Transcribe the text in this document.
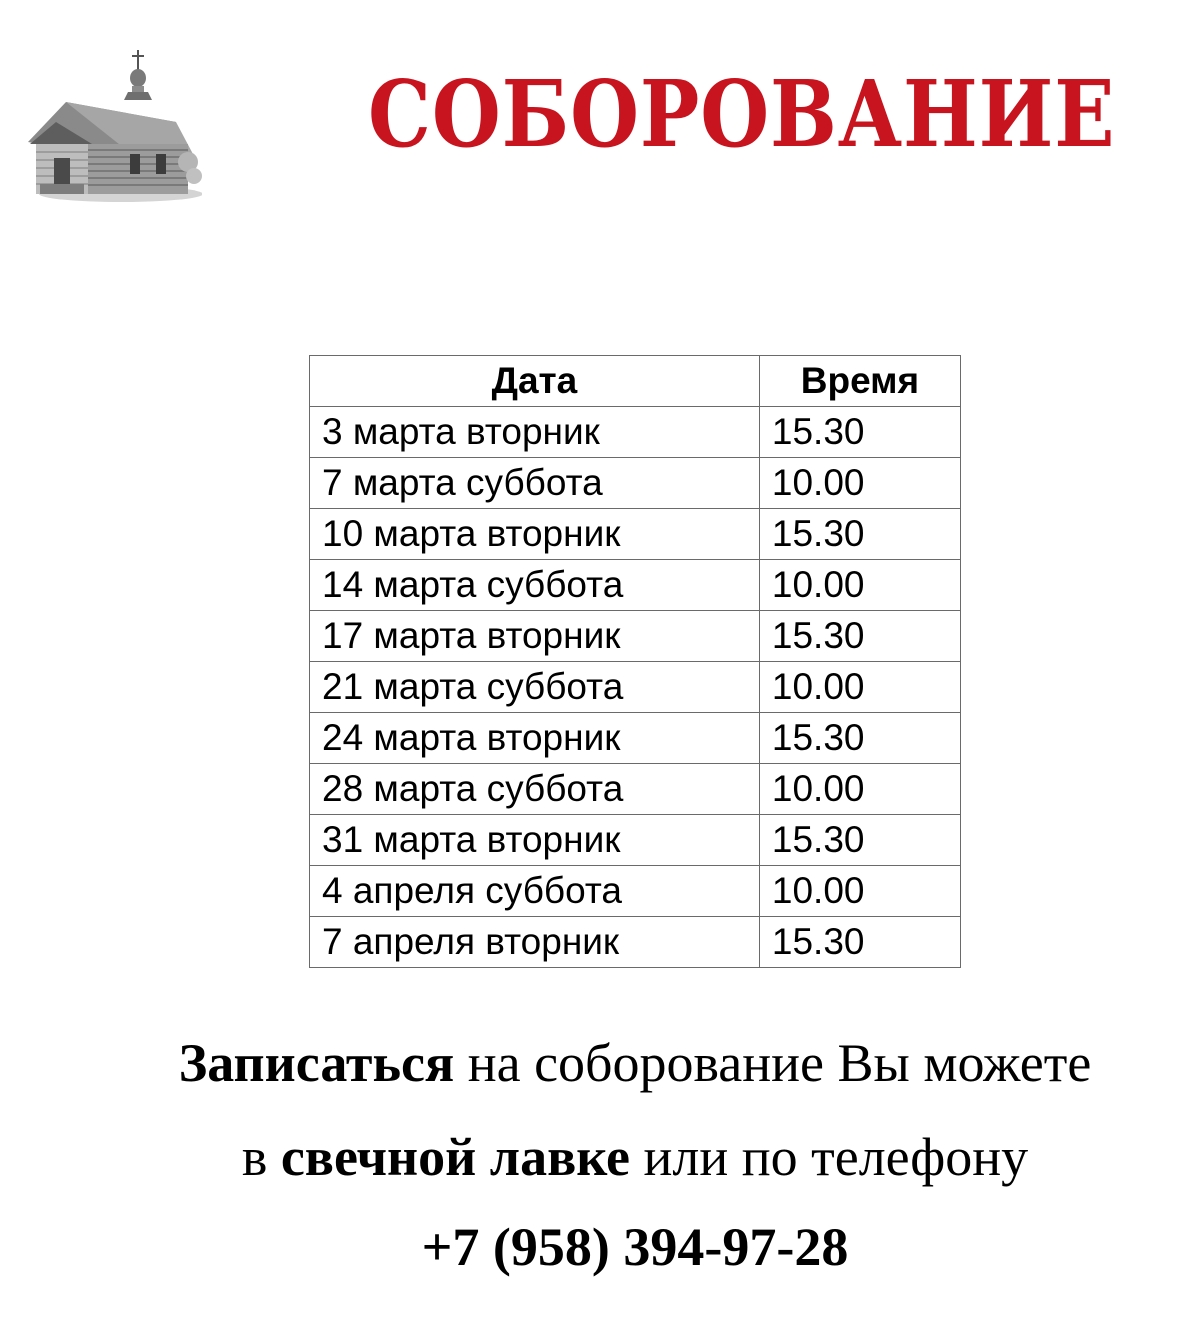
СОБОРОВАНИЕ
Дата	Время
3 марта вторник	15.30
7 марта суббота	10.00
10 марта вторник	15.30
14 марта суббота	10.00
17 марта вторник	15.30
21 марта суббота	10.00
24 марта вторник	15.30
28 марта суббота	10.00
31 марта вторник	15.30
4 апреля суббота	10.00
7 апреля вторник	15.30
Записаться на соборование Вы можете
в свечной лавке или по телефону
+7 (958) 394-97-28
